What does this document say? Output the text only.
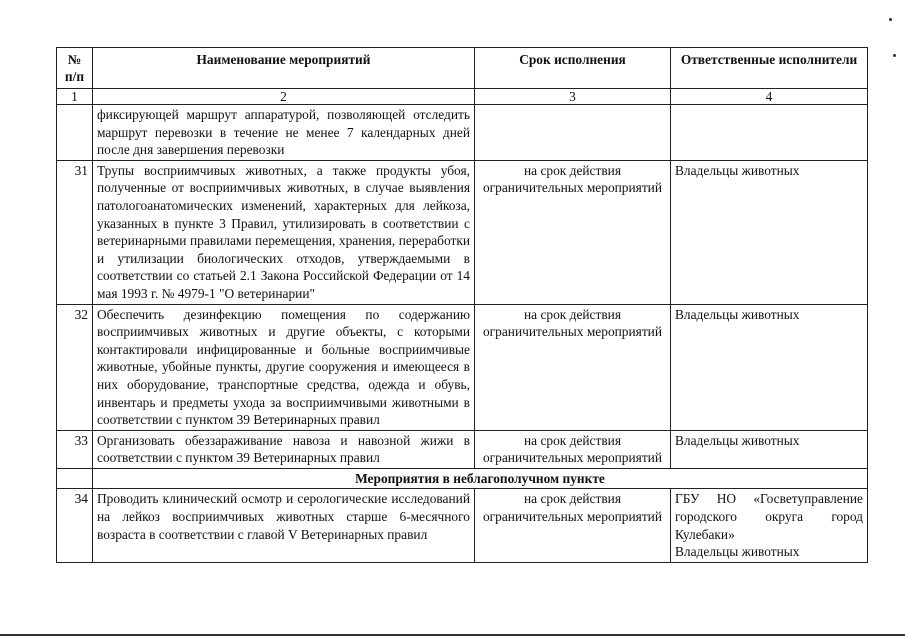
№ п/п	Наименование мероприятий	Срок исполнения	Ответственные исполнители
1	2	3	4
	фиксирующей маршрут аппаратурой, позволяющей отследить маршрут перевозки в течение не менее 7 календарных дней после дня завершения перевозки		
31	Трупы восприимчивых животных, а также продукты убоя, полученные от восприимчивых животных, в случае выявления патологоанатомических изменений, характерных для лейкоза, указанных в пункте 3 Правил, утилизировать в соответствии с ветеринарными правилами перемещения, хранения, переработки и утилизации биологических отходов, утверждаемыми в соответствии со статьей 2.1 Закона Российской Федерации от 14 мая 1993 г. № 4979-1 "О ветеринарии"	на срок действия ограничительных мероприятий	Владельцы животных
32	Обеспечить дезинфекцию помещения по содержанию восприимчивых животных и другие объекты, с которыми контактировали инфицированные и больные восприимчивые животные, убойные пункты, другие сооружения и имеющееся в них оборудование, транспортные средства, одежда и обувь, инвентарь и предметы ухода за восприимчивыми животными в соответствии с пунктом 39 Ветеринарных правил	на срок действия ограничительных мероприятий	Владельцы животных
33	Организовать обеззараживание навоза и навозной жижи в соответствии с пунктом 39 Ветеринарных правил	на срок действия ограничительных мероприятий	Владельцы животных
	Мероприятия в неблагополучном пункте		
34	Проводить клинический осмотр и серологические исследований на лейкоз восприимчивых животных старше 6-месячного возраста в соответствии с главой V Ветеринарных правил	на срок действия ограничительных мероприятий	ГБУ НО «Госветуправление городского округа город Кулебаки»
Владельцы животных
